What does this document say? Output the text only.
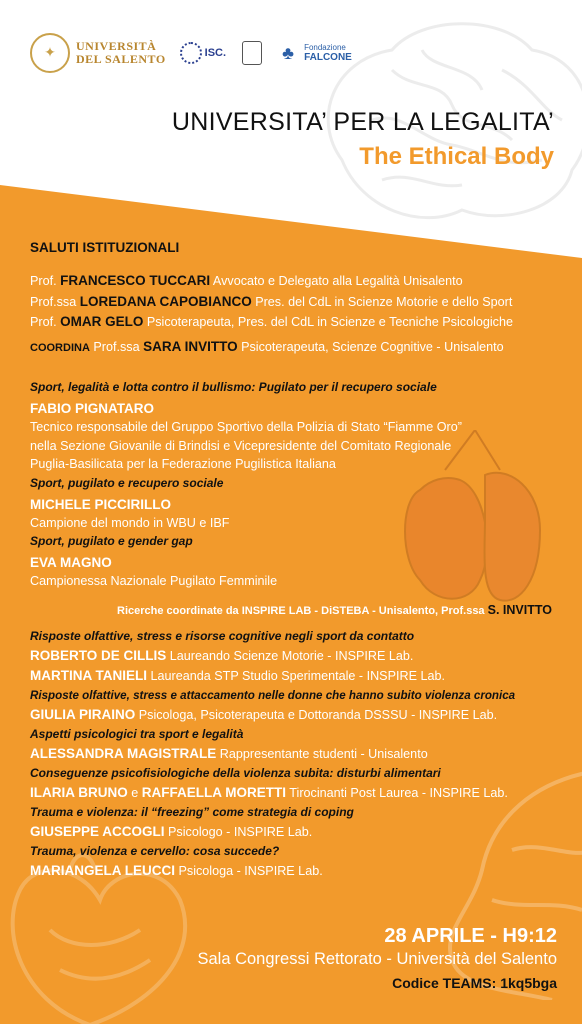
✦	UNIVERSITÀ
DEL SALENTO	ISC.	♣	Fondazione
FALCONE
UNIVERSITA’ PER LA LEGALITA’
The Ethical Body
SALUTI ISTITUZIONALI
Prof. FRANCESCO TUCCARI Avvocato e Delegato alla Legalità Unisalento
Prof.ssa LOREDANA CAPOBIANCO Pres. del CdL in Scienze Motorie e dello Sport
Prof. OMAR GELO Psicoterapeuta, Pres. del CdL in Scienze e Tecniche Psicologiche
COORDINA Prof.ssa SARA INVITTO Psicoterapeuta, Scienze Cognitive - Unisalento
Sport, legalità e lotta contro il bullismo: Pugilato per il recupero sociale
FABIO PIGNATARO
Tecnico responsabile del Gruppo Sportivo della Polizia di Stato “Fiamme Oro”
nella Sezione Giovanile di Brindisi e Vicepresidente del Comitato Regionale
Puglia-Basilicata per la Federazione Pugilistica Italiana
Sport, pugilato e recupero sociale
MICHELE PICCIRILLO
Campione del mondo in WBU e IBF
Sport, pugilato e gender gap
EVA MAGNO
Campionessa Nazionale Pugilato Femminile
Ricerche coordinate da INSPIRE LAB - DiSTEBA - Unisalento, Prof.ssa S. INVITTO
Risposte olfattive, stress e risorse cognitive negli sport da contatto
ROBERTO DE CILLIS Laureando Scienze Motorie - INSPIRE Lab.
MARTINA TANIELI Laureanda STP Studio Sperimentale - INSPIRE Lab.
Risposte olfattive, stress e attaccamento nelle donne che hanno subito violenza cronica
GIULIA PIRAINO Psicologa, Psicoterapeuta e Dottoranda DSSSU - INSPIRE Lab.
Aspetti psicologici tra sport e legalità
ALESSANDRA MAGISTRALE Rappresentante studenti - Unisalento
Conseguenze psicofisiologiche della violenza subita: disturbi alimentari
ILARIA BRUNO e RAFFAELLA MORETTI Tirocinanti Post Laurea - INSPIRE Lab.
Trauma e violenza: il “freezing” come strategia di coping
GIUSEPPE ACCOGLI Psicologo - INSPIRE Lab.
Trauma, violenza e cervello: cosa succede?
MARIANGELA LEUCCI Psicologa - INSPIRE Lab.
28 APRILE - H9:12
Sala Congressi Rettorato - Università del Salento
Codice TEAMS: 1kq5bga
